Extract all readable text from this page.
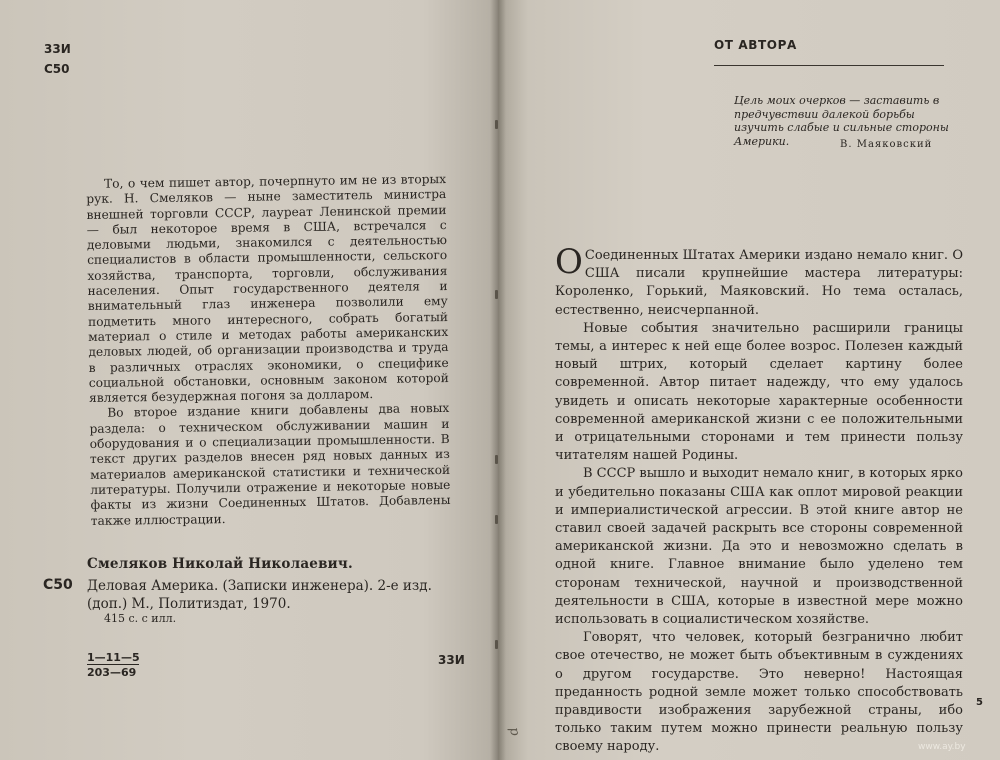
33И
С50

То, о чем пишет автор, почерпнуто им не из вторых рук. Н. Смеляков — ныне заместитель министра внешней торговли СССР, лауреат Ленинской премии — был некоторое время в США, встречался с деловыми людьми, знакомился с деятельностью специалистов в области промышленности, сельского хозяйства, транспорта, торговли, обслуживания населения. Опыт государственного деятеля и внимательный глаз инженера позволили ему подметить много интересного, собрать богатый материал о стиле и методах работы американских деловых людей, об организации производства и труда в различных отраслях экономики, о специфике социальной обстановки, основным законом которой является безудержная погоня за долларом.

Во второе издание книги добавлены два новых раздела: о техническом обслуживании машин и оборудования и о специализации промышленности. В текст других разделов внесен ряд новых данных из материалов американской статистики и технической литературы. Получили отражение и некоторые новые факты из жизни Соединенных Штатов. Добавлены также иллюстрации.

Смеляков Николай Николаевич.
С50 Деловая Америка. (Записки инженера). 2-е изд. (доп.) М., Политиздат, 1970.
415 с. с илл.
1—11—5
203—69
33И
ОТ АВТОРА
Цель моих очерков — заставить в предчувствии далекой борьбы изучить слабые и сильные стороны Америки.	В. Маяковский

О Соединенных Штатах Америки издано немало книг. О США писали крупнейшие мастера литературы: Короленко, Горький, Маяковский. Но тема осталась, естественно, неисчерпанной.

Новые события значительно расширили границы темы, а интерес к ней еще более возрос. Полезен каждый новый штрих, который сделает картину более современной. Автор питает надежду, что ему удалось увидеть и описать некоторые характерные особенности современной американской жизни с ее положительными и отрицательными сторонами и тем принести пользу читателям нашей Родины.

В СССР вышло и выходит немало книг, в которых ярко и убедительно показаны США как оплот мировой реакции и империалистической агрессии. В этой книге автор не ставил своей задачей раскрыть все стороны современной американской жизни. Да это и невозможно сделать в одной книге. Главное внимание было уделено тем сторонам технической, научной и производственной деятельности в США, которые в известной мере можно использовать в социалистическом хозяйстве.

Говорят, что человек, который безгранично любит свое отечество, не может быть объективным в суждениях о другом государстве. Это неверно! Настоящая преданность родной земле может только способствовать правдивости изображения зарубежной страны, ибо только таким путем можно принести реальную пользу своему народу.

5
р
www.ay.by
